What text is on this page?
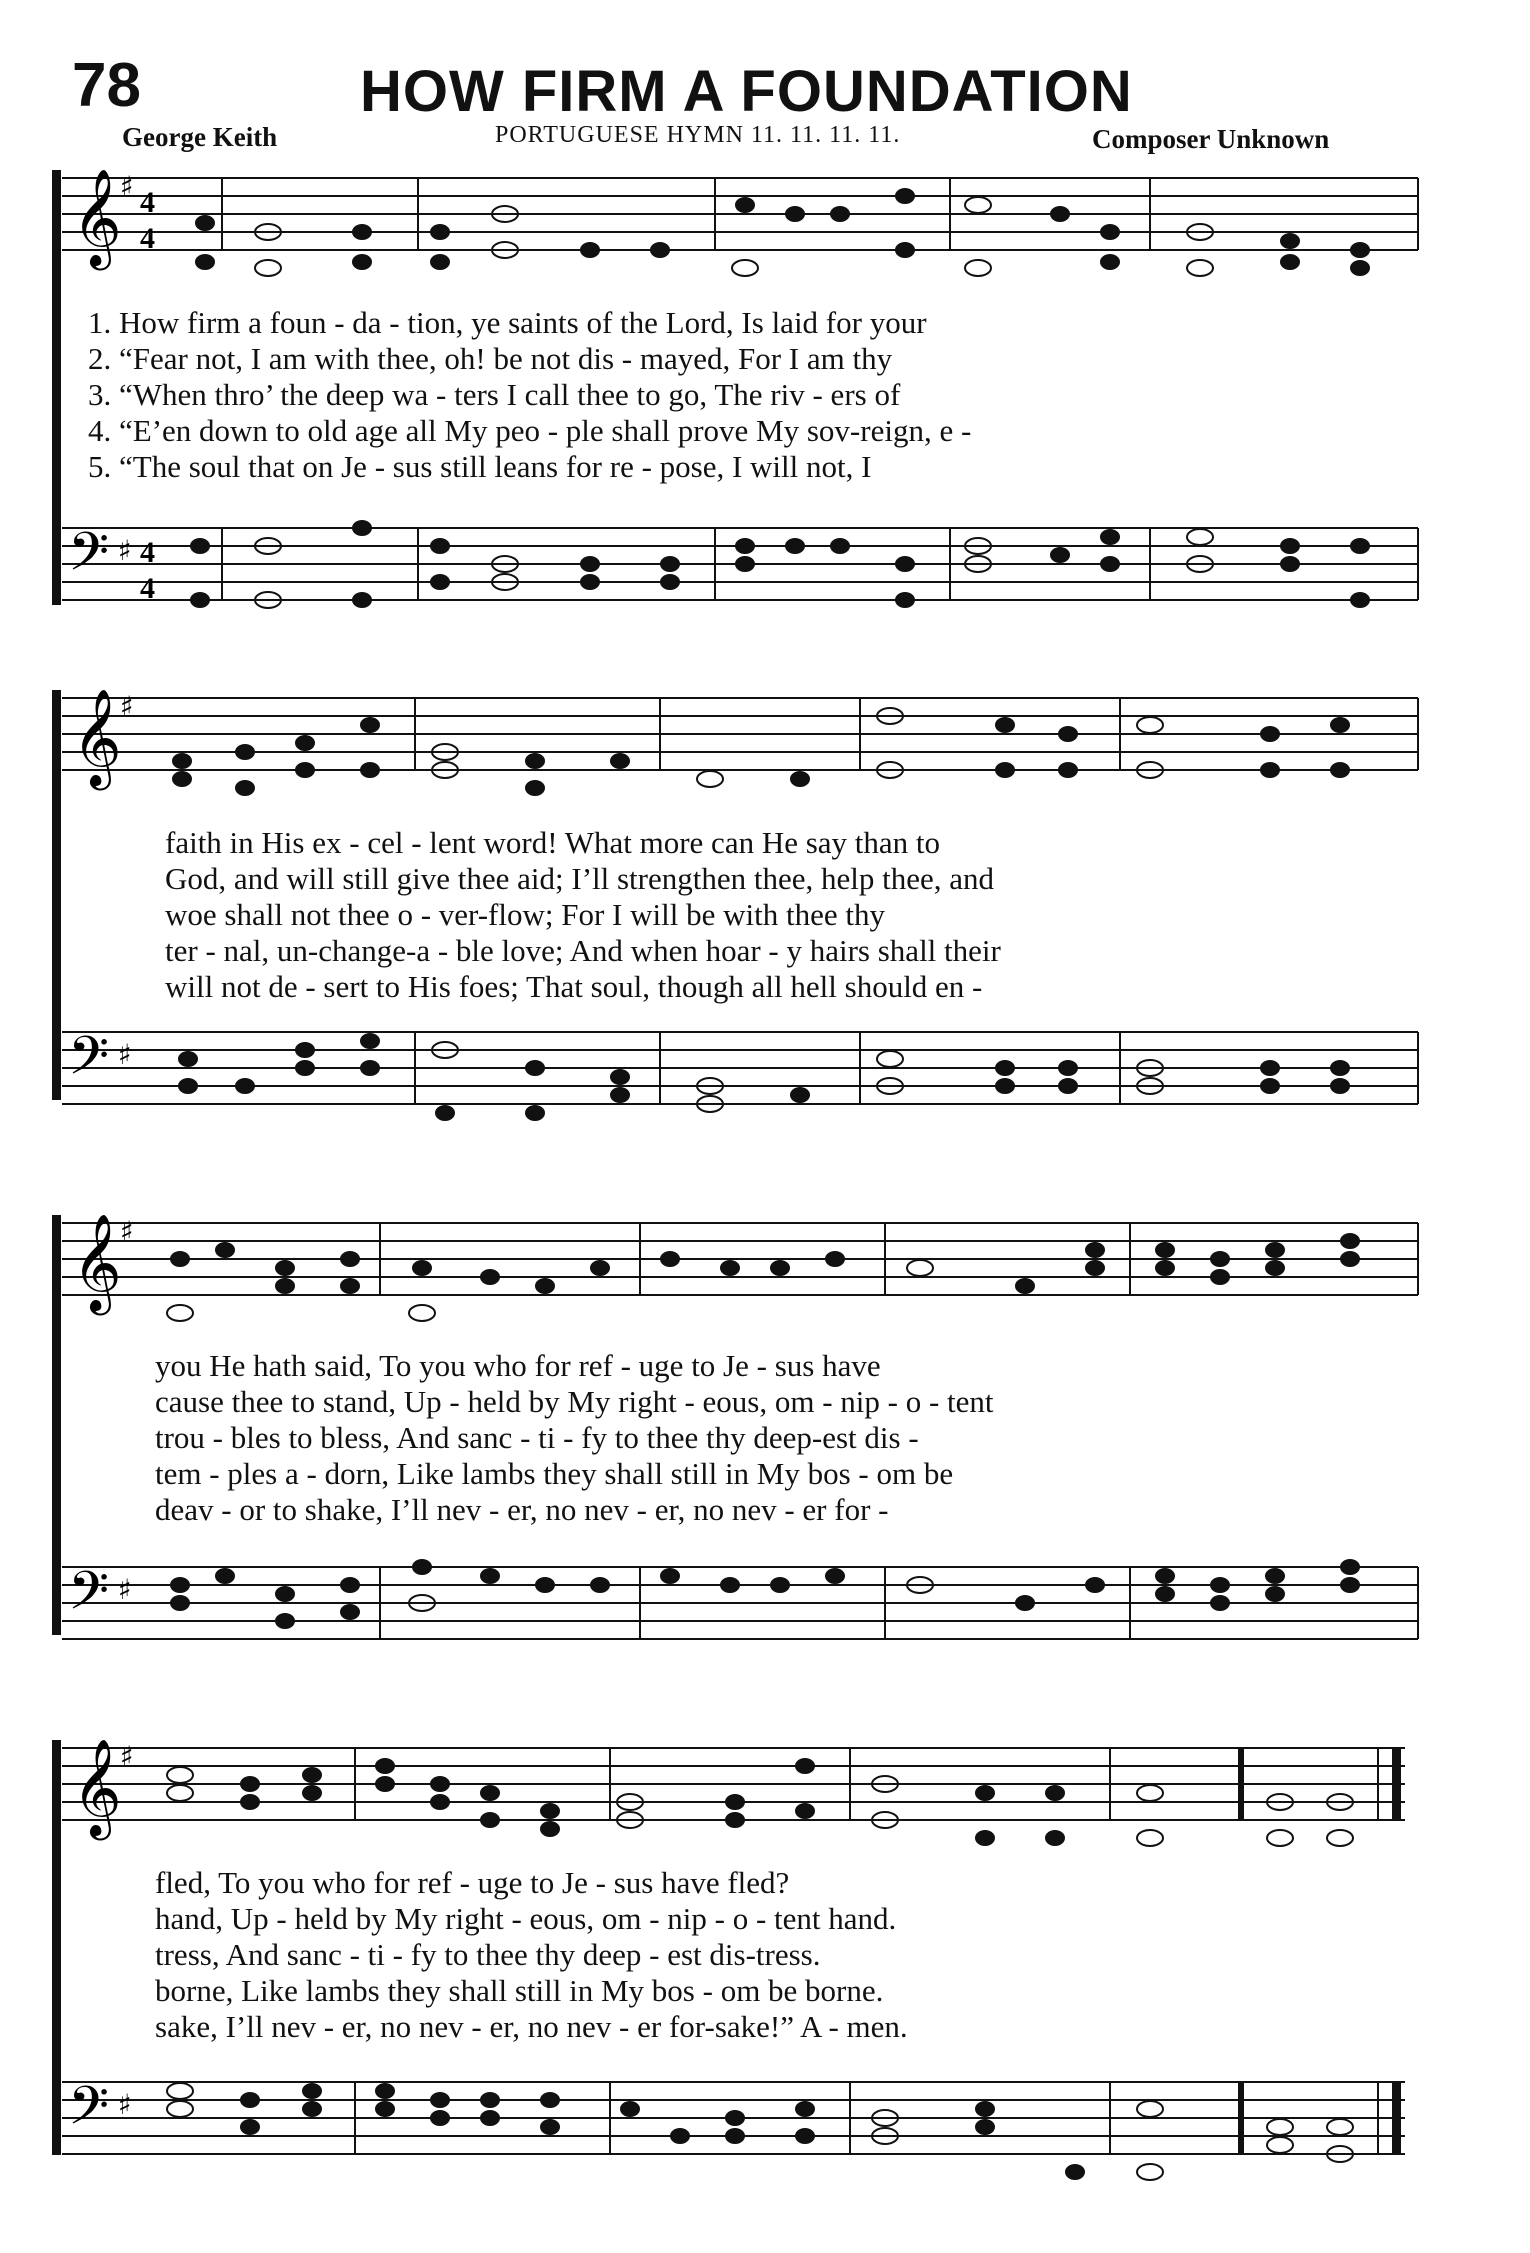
78	HOW FIRM A FOUNDATION
George Keith	PORTUGUESE HYMN 11. 11. 11. 11.	Composer Unknown
𝄞
♯ 4
4
𝄢 ♯ 4
4
1. How firm a foun - da - tion, ye saints of the Lord, Is laid for your
2. “Fear not, I am with thee, oh! be not dis - mayed, For I am thy
3. “When thro’ the deep wa - ters I call thee to go, The riv - ers of
4. “E’en down to old age all My peo - ple shall prove My sov-reign, e -
5. “The soul that on Je - sus still leans for re - pose, I will not, I
𝄞
♯
𝄢 ♯
faith in His ex - cel - lent word! What more can He say than to
God, and will still give thee aid; I’ll strengthen thee, help thee, and
woe shall not thee o - ver-flow; For I will be with thee thy
ter - nal, un-change-a - ble love; And when hoar - y hairs shall their
will not de - sert to His foes; That soul, though all hell should en -
𝄞
♯
𝄢 ♯
you He hath said, To you who for ref - uge to Je - sus have
cause thee to stand, Up - held by My right - eous, om - nip - o - tent
trou - bles to bless, And sanc - ti - fy to thee thy deep-est dis -
tem - ples a - dorn, Like lambs they shall still in My bos - om be
deav - or to shake, I’ll nev - er, no nev - er, no nev - er for -
𝄞
♯
𝄢 ♯
fled, To you who for ref - uge to Je - sus have fled?
hand, Up - held by My right - eous, om - nip - o - tent hand.
tress, And sanc - ti - fy to thee thy deep - est dis-tress.
borne, Like lambs they shall still in My bos - om be borne.
sake, I’ll nev - er, no nev - er, no nev - er for-sake!” A - men.
